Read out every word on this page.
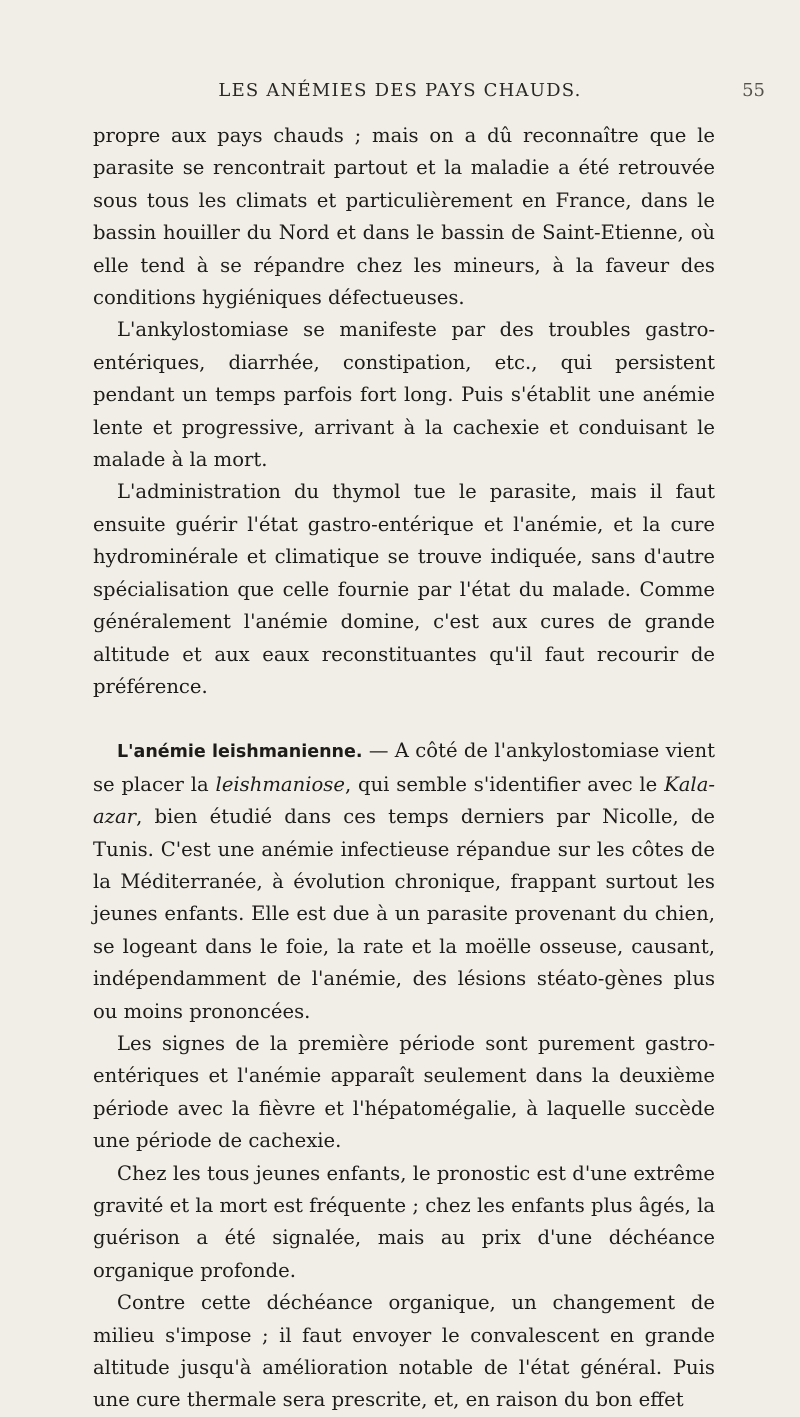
LES ANÉMIES DES PAYS CHAUDS.	55

propre aux pays chauds ; mais on a dû reconnaître que le parasite se rencontrait partout et la maladie a été retrouvée sous tous les climats et particulièrement en France, dans le bassin houiller du Nord et dans le bassin de Saint-Etienne, où elle tend à se répandre chez les mineurs, à la faveur des conditions hygiéniques défectueuses.

L'ankylostomiase se manifeste par des troubles gastro-entériques, diarrhée, constipation, etc., qui persistent pendant un temps parfois fort long. Puis s'établit une anémie lente et progressive, arrivant à la cachexie et conduisant le malade à la mort.

L'administration du thymol tue le parasite, mais il faut ensuite guérir l'état gastro-entérique et l'anémie, et la cure hydrominérale et climatique se trouve indiquée, sans d'autre spécialisation que celle fournie par l'état du malade. Comme généralement l'anémie domine, c'est aux cures de grande altitude et aux eaux reconstituantes qu'il faut recourir de préférence.

L'anémie leishmanienne. — A côté de l'ankylostomiase vient se placer la leishmaniose, qui semble s'identifier avec le Kala-azar, bien étudié dans ces temps derniers par Nicolle, de Tunis. C'est une anémie infectieuse répandue sur les côtes de la Méditerranée, à évolution chronique, frappant surtout les jeunes enfants. Elle est due à un parasite provenant du chien, se logeant dans le foie, la rate et la moëlle osseuse, causant, indépendamment de l'anémie, des lésions stéato-gènes plus ou moins prononcées.

Les signes de la première période sont purement gastro-entériques et l'anémie apparaît seulement dans la deuxième période avec la fièvre et l'hépatomégalie, à laquelle succède une période de cachexie.

Chez les tous jeunes enfants, le pronostic est d'une extrême gravité et la mort est fréquente ; chez les enfants plus âgés, la guérison a été signalée, mais au prix d'une déchéance organique profonde.

Contre cette déchéance organique, un changement de milieu s'impose ; il faut envoyer le convalescent en grande altitude jusqu'à amélioration notable de l'état général. Puis une cure thermale sera prescrite, et, en raison du bon effet
